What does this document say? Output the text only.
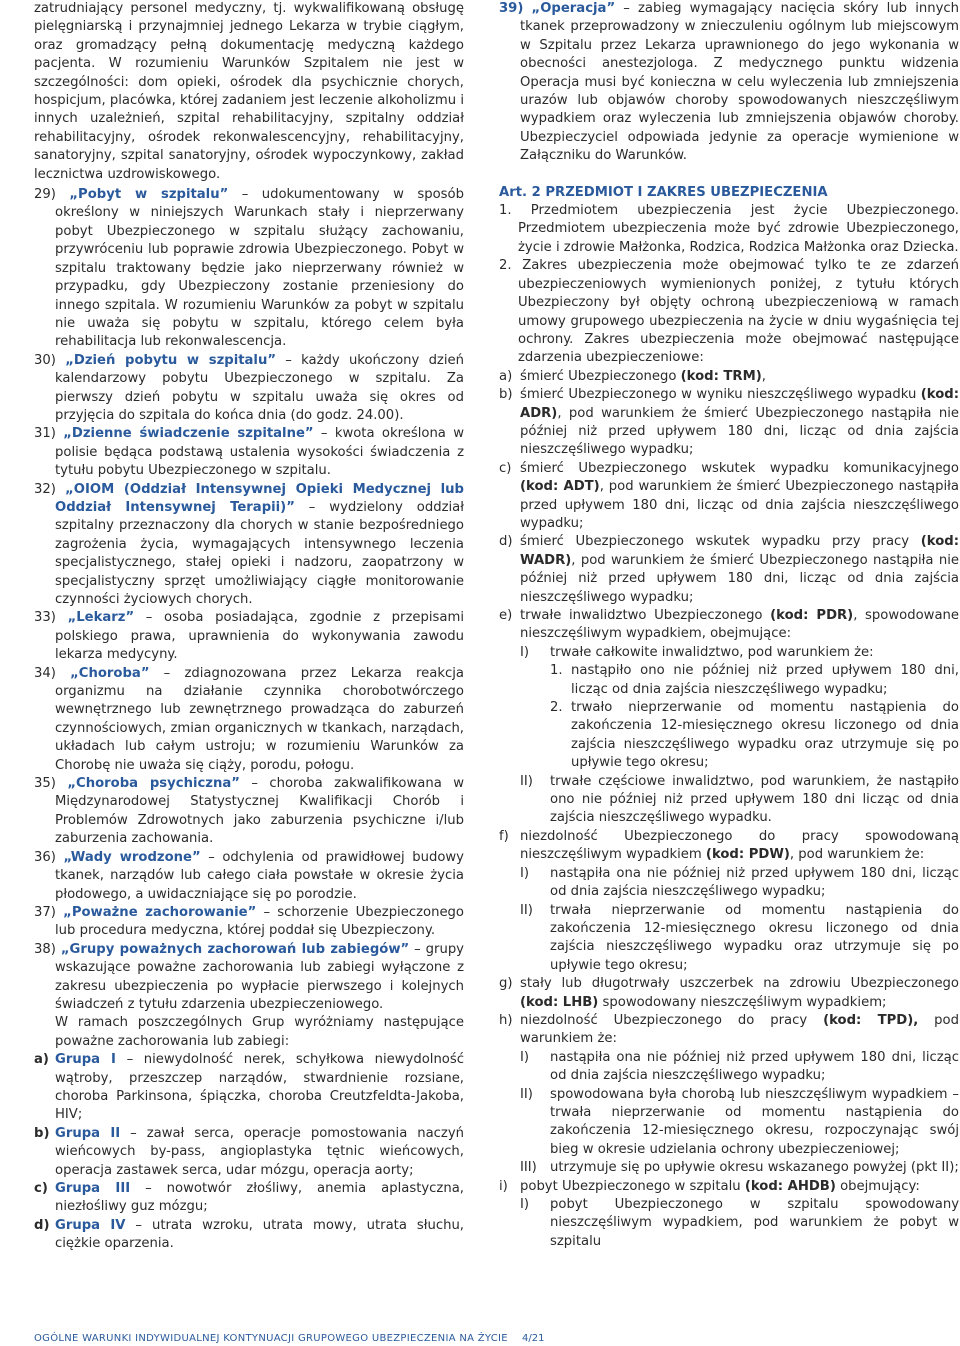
zatrudniający personel medyczny, tj. wykwalifikowaną obsługę pielęgniarską i przynajmniej jednego Lekarza w trybie ciągłym, oraz gromadzący pełną dokumentację medyczną każdego pacjenta. W rozumieniu Warunków Szpitalem nie jest w szczególności: dom opieki, ośrodek dla psychicznie chorych, hospicjum, placówka, której zadaniem jest leczenie alkoholizmu i innych uzależnień, szpital rehabilitacyjny, szpitalny oddział rehabilitacyjny, ośrodek rekonwalescencyjny, rehabilitacyjny, sanatoryjny, szpital sanatoryjny, ośrodek wypoczynkowy, zakład lecznictwa uzdrowiskowego.

29) „Pobyt w szpitalu” – udokumentowany w sposób określony w niniejszych Warunkach stały i nieprzerwany pobyt Ubezpieczonego w szpitalu służący zachowaniu, przywróceniu lub poprawie zdrowia Ubezpieczonego. Pobyt w szpitalu traktowany będzie jako nieprzerwany również w przypadku, gdy Ubezpieczony zostanie przeniesiony do innego szpitala. W rozumieniu Warunków za pobyt w szpitalu nie uważa się pobytu w szpitalu, którego celem była rehabilitacja lub rekonwalescencja.
30) „Dzień pobytu w szpitalu” – każdy ukończony dzień kalendarzowy pobytu Ubezpieczonego w szpitalu. Za pierwszy dzień pobytu w szpitalu uważa się okres od przyjęcia do szpitala do końca dnia (do godz. 24.00).
31) „Dzienne świadczenie szpitalne” – kwota określona w polisie będąca podstawą ustalenia wysokości świadczenia z tytułu pobytu Ubezpieczonego w szpitalu.
32) „OIOM (Oddział Intensywnej Opieki Medycznej lub Oddział Intensywnej Terapii)” – wydzielony oddział szpitalny przeznaczony dla chorych w stanie bezpośredniego zagrożenia życia, wymagających intensywnego leczenia specjalistycznego, stałej opieki i nadzoru, zaopatrzony w specjalistyczny sprzęt umożliwiający ciągłe monitorowanie czynności życiowych chorych.
33) „Lekarz” – osoba posiadająca, zgodnie z przepisami polskiego prawa, uprawnienia do wykonywania zawodu lekarza medycyny.
34) „Choroba” – zdiagnozowana przez Lekarza reakcja organizmu na działanie czynnika chorobotwórczego wewnętrznego lub zewnętrznego prowadząca do zaburzeń czynnościowych, zmian organicznych w tkankach, narządach, układach lub całym ustroju; w rozumieniu Warunków za Chorobę nie uważa się ciąży, porodu, połogu.
35) „Choroba psychiczna” – choroba zakwalifikowana w Międzynarodowej Statystycznej Kwalifikacji Chorób i Problemów Zdrowotnych jako zaburzenia psychiczne i/lub zaburzenia zachowania.
36) „Wady wrodzone” – odchylenia od prawidłowej budowy tkanek, narządów lub całego ciała powstałe w okresie życia płodowego, a uwidaczniające się po porodzie.
37) „Poważne zachorowanie” – schorzenie Ubezpieczonego lub procedura medyczna, której poddał się Ubezpieczony.
38) „Grupy poważnych zachorowań lub zabiegów” – grupy wskazujące poważne zachorowania lub zabiegi wyłączone z zakresu ubezpieczenia po wypłacie pierwszego i kolejnych świadczeń z tytułu zdarzenia ubezpieczeniowego.

W ramach poszczególnych Grup wyróżniamy następujące poważne zachorowania lub zabiegi:

a) Grupa I – niewydolność nerek, schyłkowa niewydolność wątroby, przeszczep narządów, stwardnienie rozsiane, choroba Parkinsona, śpiączka, choroba Creutzfeldta-Jakoba, HIV;
b) Grupa II – zawał serca, operacje pomostowania naczyń wieńcowych by-pass, angioplastyka tętnic wieńcowych, operacja zastawek serca, udar mózgu, operacja aorty;
c) Grupa III – nowotwór złośliwy, anemia aplastyczna, niezłośliwy guz mózgu;
d) Grupa IV – utrata wzroku, utrata mowy, utrata słuchu, ciężkie oparzenia.
39) „Operacja” – zabieg wymagający nacięcia skóry lub innych tkanek przeprowadzony w znieczuleniu ogólnym lub miejscowym w Szpitalu przez Lekarza uprawnionego do jego wykonania w obecności anestezjologa. Z medycznego punktu widzenia Operacja musi być konieczna w celu wyleczenia lub zmniejszenia urazów lub objawów choroby spowodowanych nieszczęśliwym wypadkiem oraz wyleczenia lub zmniejszenia objawów choroby. Ubezpieczyciel odpowiada jedynie za operacje wymienione w Załączniku do Warunków.

Art. 2 PRZEDMIOT I ZAKRES UBEZPIECZENIA

1. Przedmiotem ubezpieczenia jest życie Ubezpieczonego. Przedmiotem ubezpieczenia może być zdrowie Ubezpieczonego, życie i zdrowie Małżonka, Rodzica, Rodzica Małżonka oraz Dziecka.
2. Zakres ubezpieczenia może obejmować tylko te ze zdarzeń ubezpieczeniowych wymienionych poniżej, z tytułu których Ubezpieczony był objęty ochroną ubezpieczeniową w ramach umowy grupowego ubezpieczenia na życie w dniu wygaśnięcia tej ochrony. Zakres ubezpieczenia może obejmować następujące zdarzenia ubezpieczeniowe:
a) śmierć Ubezpieczonego (kod: TRM),
b) śmierć Ubezpieczonego w wyniku nieszczęśliwego wypadku (kod: ADR), pod warunkiem że śmierć Ubezpieczonego nastąpiła nie później niż przed upływem 180 dni, licząc od dnia zajścia nieszczęśliwego wypadku;
c) śmierć Ubezpieczonego wskutek wypadku komunikacyjnego (kod: ADT), pod warunkiem że śmierć Ubezpieczonego nastąpiła przed upływem 180 dni, licząc od dnia zajścia nieszczęśliwego wypadku;
d) śmierć Ubezpieczonego wskutek wypadku przy pracy (kod: WADR), pod warunkiem że śmierć Ubezpieczonego nastąpiła nie później niż przed upływem 180 dni, licząc od dnia zajścia nieszczęśliwego wypadku;
e) trwałe inwalidztwo Ubezpieczonego (kod: PDR), spowodowane nieszczęśliwym wypadkiem, obejmujące:
I) trwałe całkowite inwalidztwo, pod warunkiem że:
1. nastąpiło ono nie później niż przed upływem 180 dni, licząc od dnia zajścia nieszczęśliwego wypadku;
2. trwało nieprzerwanie od momentu nastąpienia do zakończenia 12-miesięcznego okresu liczonego od dnia zajścia nieszczęśliwego wypadku oraz utrzymuje się po upływie tego okresu;
II) trwałe częściowe inwalidztwo, pod warunkiem, że nastąpiło ono nie później niż przed upływem 180 dni licząc od dnia zajścia nieszczęśliwego wypadku.
f) niezdolność Ubezpieczonego do pracy spowodowaną nieszczęśliwym wypadkiem (kod: PDW), pod warunkiem że:
I) nastąpiła ona nie później niż przed upływem 180 dni, licząc od dnia zajścia nieszczęśliwego wypadku;
II) trwała nieprzerwanie od momentu nastąpienia do zakończenia 12-miesięcznego okresu liczonego od dnia zajścia nieszczęśliwego wypadku oraz utrzymuje się po upływie tego okresu;
g) stały lub długotrwały uszczerbek na zdrowiu Ubezpieczonego (kod: LHB) spowodowany nieszczęśliwym wypadkiem;
h) niezdolność Ubezpieczonego do pracy (kod: TPD), pod warunkiem że:
I) nastąpiła ona nie później niż przed upływem 180 dni, licząc od dnia zajścia nieszczęśliwego wypadku;
II) spowodowana była chorobą lub nieszczęśliwym wypadkiem – trwała nieprzerwanie od momentu nastąpienia do zakończenia 12-miesięcznego okresu, rozpoczynając swój bieg w okresie udzielania ochrony ubezpieczeniowej;
III) utrzymuje się po upływie okresu wskazanego powyżej (pkt II);
i) pobyt Ubezpieczonego w szpitalu (kod: AHDB) obejmujący:
I) pobyt Ubezpieczonego w szpitalu spowodowany nieszczęśliwym wypadkiem, pod warunkiem że pobyt w szpitalu
OGÓLNE WARUNKI INDYWIDUALNEJ KONTYNUACJI GRUPOWEGO UBEZPIECZENIA NA ŻYCIE 4/21
